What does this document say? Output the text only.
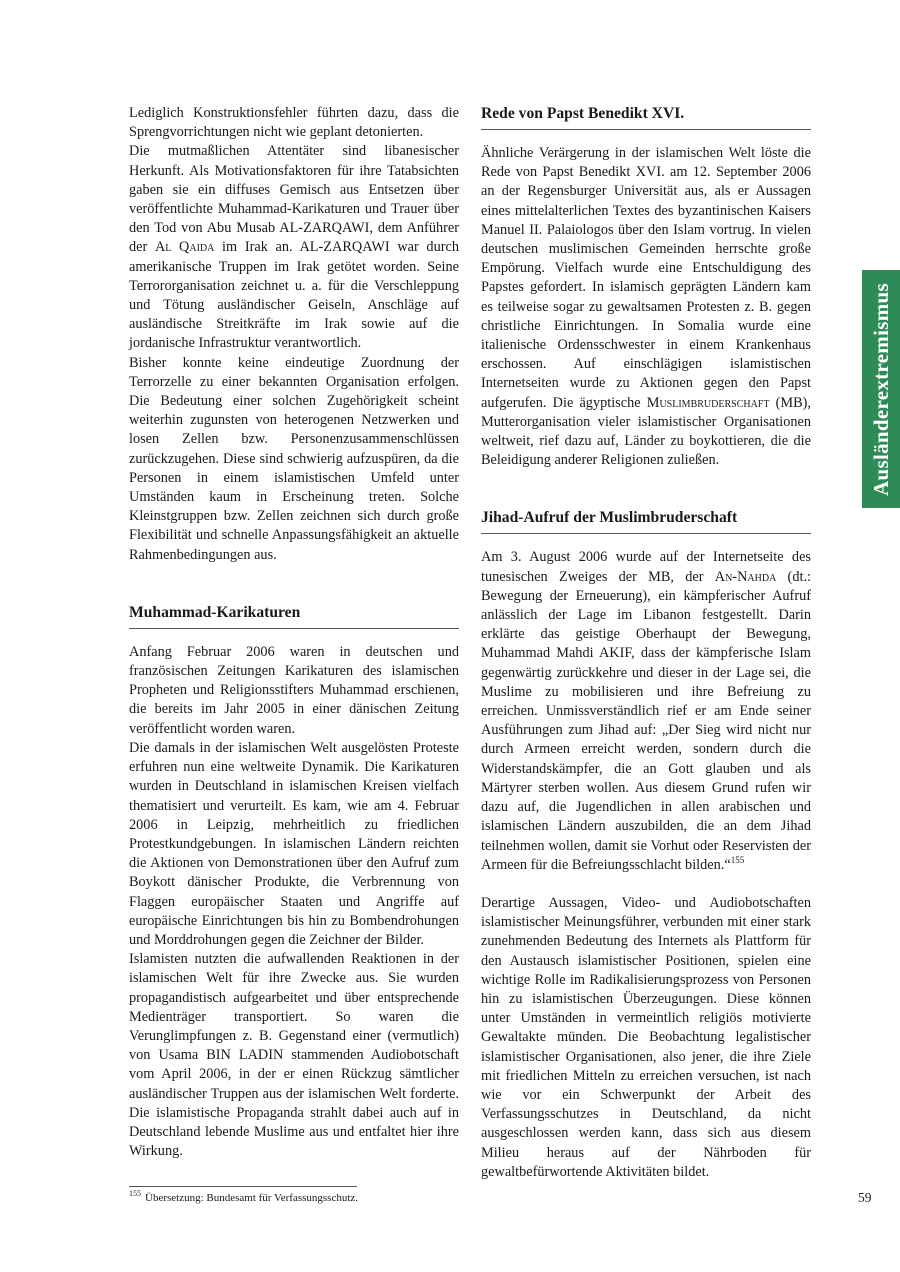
Lediglich Konstruktionsfehler führten dazu, dass die Sprengvorrichtungen nicht wie geplant detonierten.
Die mutmaßlichen Attentäter sind libanesischer Herkunft. Als Motivationsfaktoren für ihre Tatabsichten gaben sie ein diffuses Gemisch aus Entsetzen über veröffentlichte Muhammad-Karikaturen und Trauer über den Tod von Abu Musab AL-ZARQAWI, dem Anführer der Al Qaida im Irak an. AL-ZARQAWI war durch amerikanische Truppen im Irak getötet worden. Seine Terrororganisation zeichnet u. a. für die Verschleppung und Tötung ausländischer Geiseln, Anschläge auf ausländische Streitkräfte im Irak sowie auf die jordanische Infrastruktur verantwortlich.
Bisher konnte keine eindeutige Zuordnung der Terrorzelle zu einer bekannten Organisation erfolgen. Die Bedeutung einer solchen Zugehörigkeit scheint weiterhin zugunsten von heterogenen Netzwerken und losen Zellen bzw. Personenzusammenschlüssen zurückzugehen. Diese sind schwierig aufzuspüren, da die Personen in einem islamistischen Umfeld unter Umständen kaum in Erscheinung treten. Solche Kleinstgruppen bzw. Zellen zeichnen sich durch große Flexibilität und schnelle Anpassungsfähigkeit an aktuelle Rahmenbedingungen aus.
Muhammad-Karikaturen
Anfang Februar 2006 waren in deutschen und französischen Zeitungen Karikaturen des islamischen Propheten und Religionsstifters Muhammad erschienen, die bereits im Jahr 2005 in einer dänischen Zeitung veröffentlicht worden waren.
Die damals in der islamischen Welt ausgelösten Proteste erfuhren nun eine weltweite Dynamik. Die Karikaturen wurden in Deutschland in islamischen Kreisen vielfach thematisiert und verurteilt. Es kam, wie am 4. Februar 2006 in Leipzig, mehrheitlich zu friedlichen Protestkundgebungen. In islamischen Ländern reichten die Aktionen von Demonstrationen über den Aufruf zum Boykott dänischer Produkte, die Verbrennung von Flaggen europäischer Staaten und Angriffe auf europäische Einrichtungen bis hin zu Bombendrohungen und Morddrohungen gegen die Zeichner der Bilder.
Islamisten nutzten die aufwallenden Reaktionen in der islamischen Welt für ihre Zwecke aus. Sie wurden propagandistisch aufgearbeitet und über entsprechende Medienträger transportiert. So waren die Verunglimpfungen z. B. Gegenstand einer (vermutlich) von Usama BIN LADIN stammenden Audiobotschaft vom April 2006, in der er einen Rückzug sämtlicher ausländischer Truppen aus der islamischen Welt forderte. Die islamistische Propaganda strahlt dabei auch auf in Deutschland lebende Muslime aus und entfaltet hier ihre Wirkung.
Rede von Papst Benedikt XVI.
Ähnliche Verärgerung in der islamischen Welt löste die Rede von Papst Benedikt XVI. am 12. September 2006 an der Regensburger Universität aus, als er Aussagen eines mittelalterlichen Textes des byzantinischen Kaisers Manuel II. Palaiologos über den Islam vortrug. In vielen deutschen muslimischen Gemeinden herrschte große Empörung. Vielfach wurde eine Entschuldigung des Papstes gefordert. In islamisch geprägten Ländern kam es teilweise sogar zu gewaltsamen Protesten z. B. gegen christliche Einrichtungen. In Somalia wurde eine italienische Ordensschwester in einem Krankenhaus erschossen. Auf einschlägigen islamistischen Internetseiten wurde zu Aktionen gegen den Papst aufgerufen. Die ägyptische Muslimbruderschaft (MB), Mutterorganisation vieler islamistischer Organisationen weltweit, rief dazu auf, Länder zu boykottieren, die die Beleidigung anderer Religionen zuließen.
Jihad-Aufruf der Muslimbruderschaft
Am 3. August 2006 wurde auf der Internetseite des tunesischen Zweiges der MB, der An-Nahda (dt.: Bewegung der Erneuerung), ein kämpferischer Aufruf anlässlich der Lage im Libanon festgestellt. Darin erklärte das geistige Oberhaupt der Bewegung, Muhammad Mahdi AKIF, dass der kämpferische Islam gegenwärtig zurückkehre und dieser in der Lage sei, die Muslime zu mobilisieren und ihre Befreiung zu erreichen. Unmissverständlich rief er am Ende seiner Ausführungen zum Jihad auf: „Der Sieg wird nicht nur durch Armeen erreicht werden, sondern durch die Widerstandskämpfer, die an Gott glauben und als Märtyrer sterben wollen. Aus diesem Grund rufen wir dazu auf, die Jugendlichen in allen arabischen und islamischen Ländern auszubilden, die an dem Jihad teilnehmen wollen, damit sie Vorhut oder Reservisten der Armeen für die Befreiungsschlacht bilden.“$^{155}$
Derartige Aussagen, Video- und Audiobotschaften islamistischer Meinungsführer, verbunden mit einer stark zunehmenden Bedeutung des Internets als Plattform für den Austausch islamistischer Positionen, spielen eine wichtige Rolle im Radikalisierungsprozess von Personen hin zu islamistischen Überzeugungen. Diese können unter Umständen in vermeintlich religiös motivierte Gewaltakte münden. Die Beobachtung legalistischer islamistischer Organisationen, also jener, die ihre Ziele mit friedlichen Mitteln zu erreichen versuchen, ist nach wie vor ein Schwerpunkt der Arbeit des Verfassungsschutzes in Deutschland, da nicht ausgeschlossen werden kann, dass sich aus diesem Milieu heraus auf der Nährboden für gewaltbefürwortende Aktivitäten bildet.
Ausländerextremismus
$^{155}$ Übersetzung: Bundesamt für Verfassungsschutz.	59
